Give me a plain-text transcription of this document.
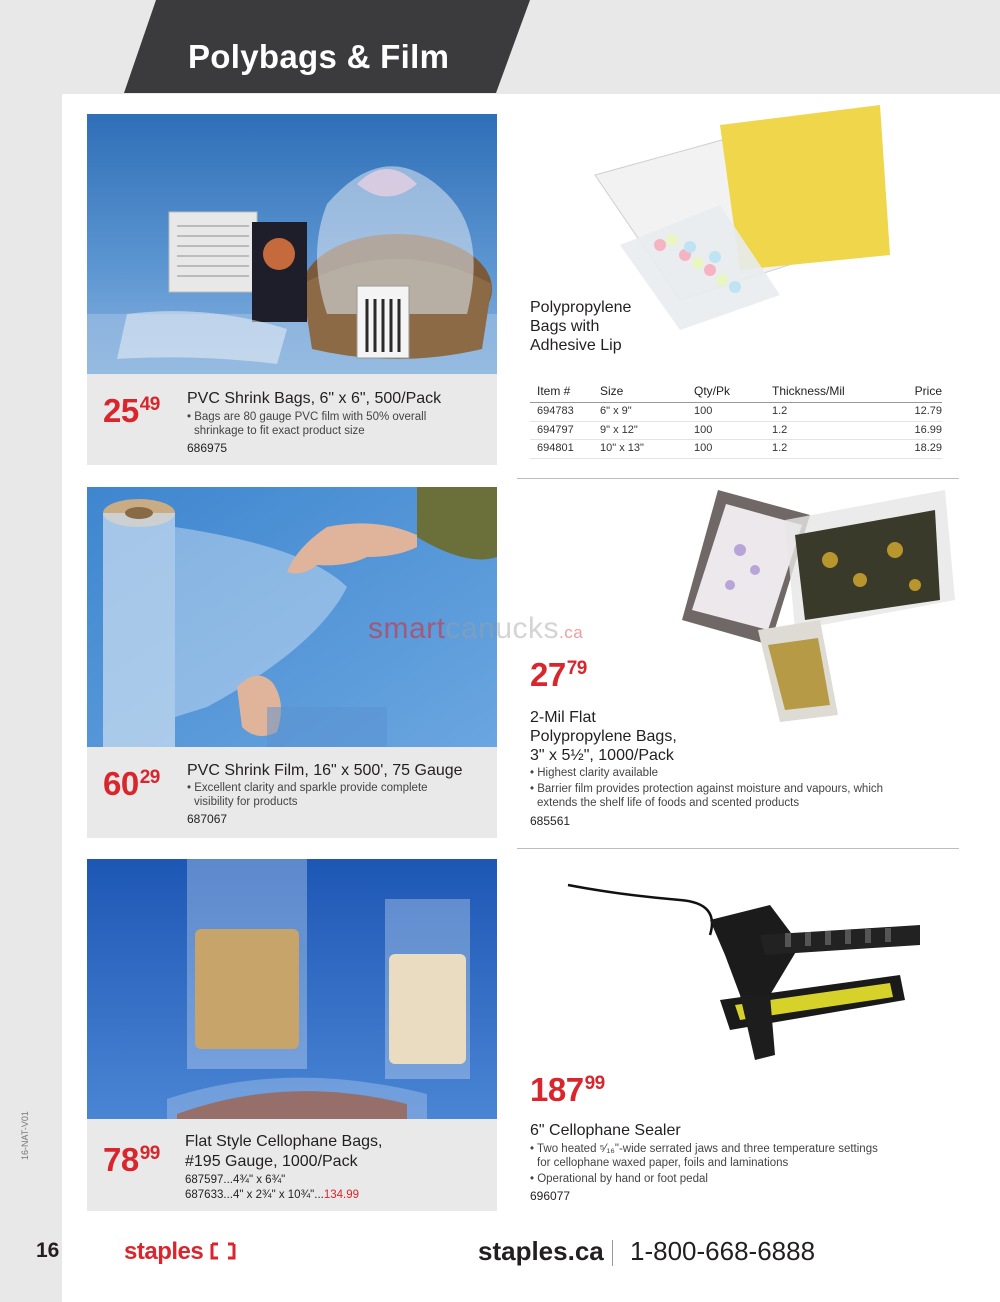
Polybags & Film
16-NAT-V01
$25^{49}$ PVC Shrink Bags, 6" x 6", 500/Pack
• Bags are 80 gauge PVC film with 50% overall
shrinkage to fit exact product size
686975
$60^{29}$ PVC Shrink Film, 16" x 500', 75 Gauge
• Excellent clarity and sparkle provide complete
visibility for products
687067
$78^{99}$
Flat Style Cellophane Bags,
#195 Gauge, 1000/Pack
687597...4¾" x 6¾"
687633...4" x 2¾" x 10¾"...134.99
Polypropylene
Bags with
Adhesive Lip
Item #	Size	Qty/Pk	Thickness/Mil	Price
694783	6" x 9"	100	1.2	12.79
694797	9" x 12"	100	1.2	16.99
694801	10" x 13"	100	1.2	18.29
$27^{79}$
2-Mil Flat
Polypropylene Bags,
3" x 5½", 1000/Pack
• Highest clarity available
• Barrier film provides protection against moisture and vapours, which
extends the shelf life of foods and scented products
685561
$187^{99}$
6" Cellophane Sealer
• Two heated ⁵⁄₁₆"-wide serrated jaws and three temperature settings
for cellophane waxed paper, foils and laminations
• Operational by hand or foot pedal
696077
smartcanucks.ca
16	staples	staples.ca 1-800-668-6888
